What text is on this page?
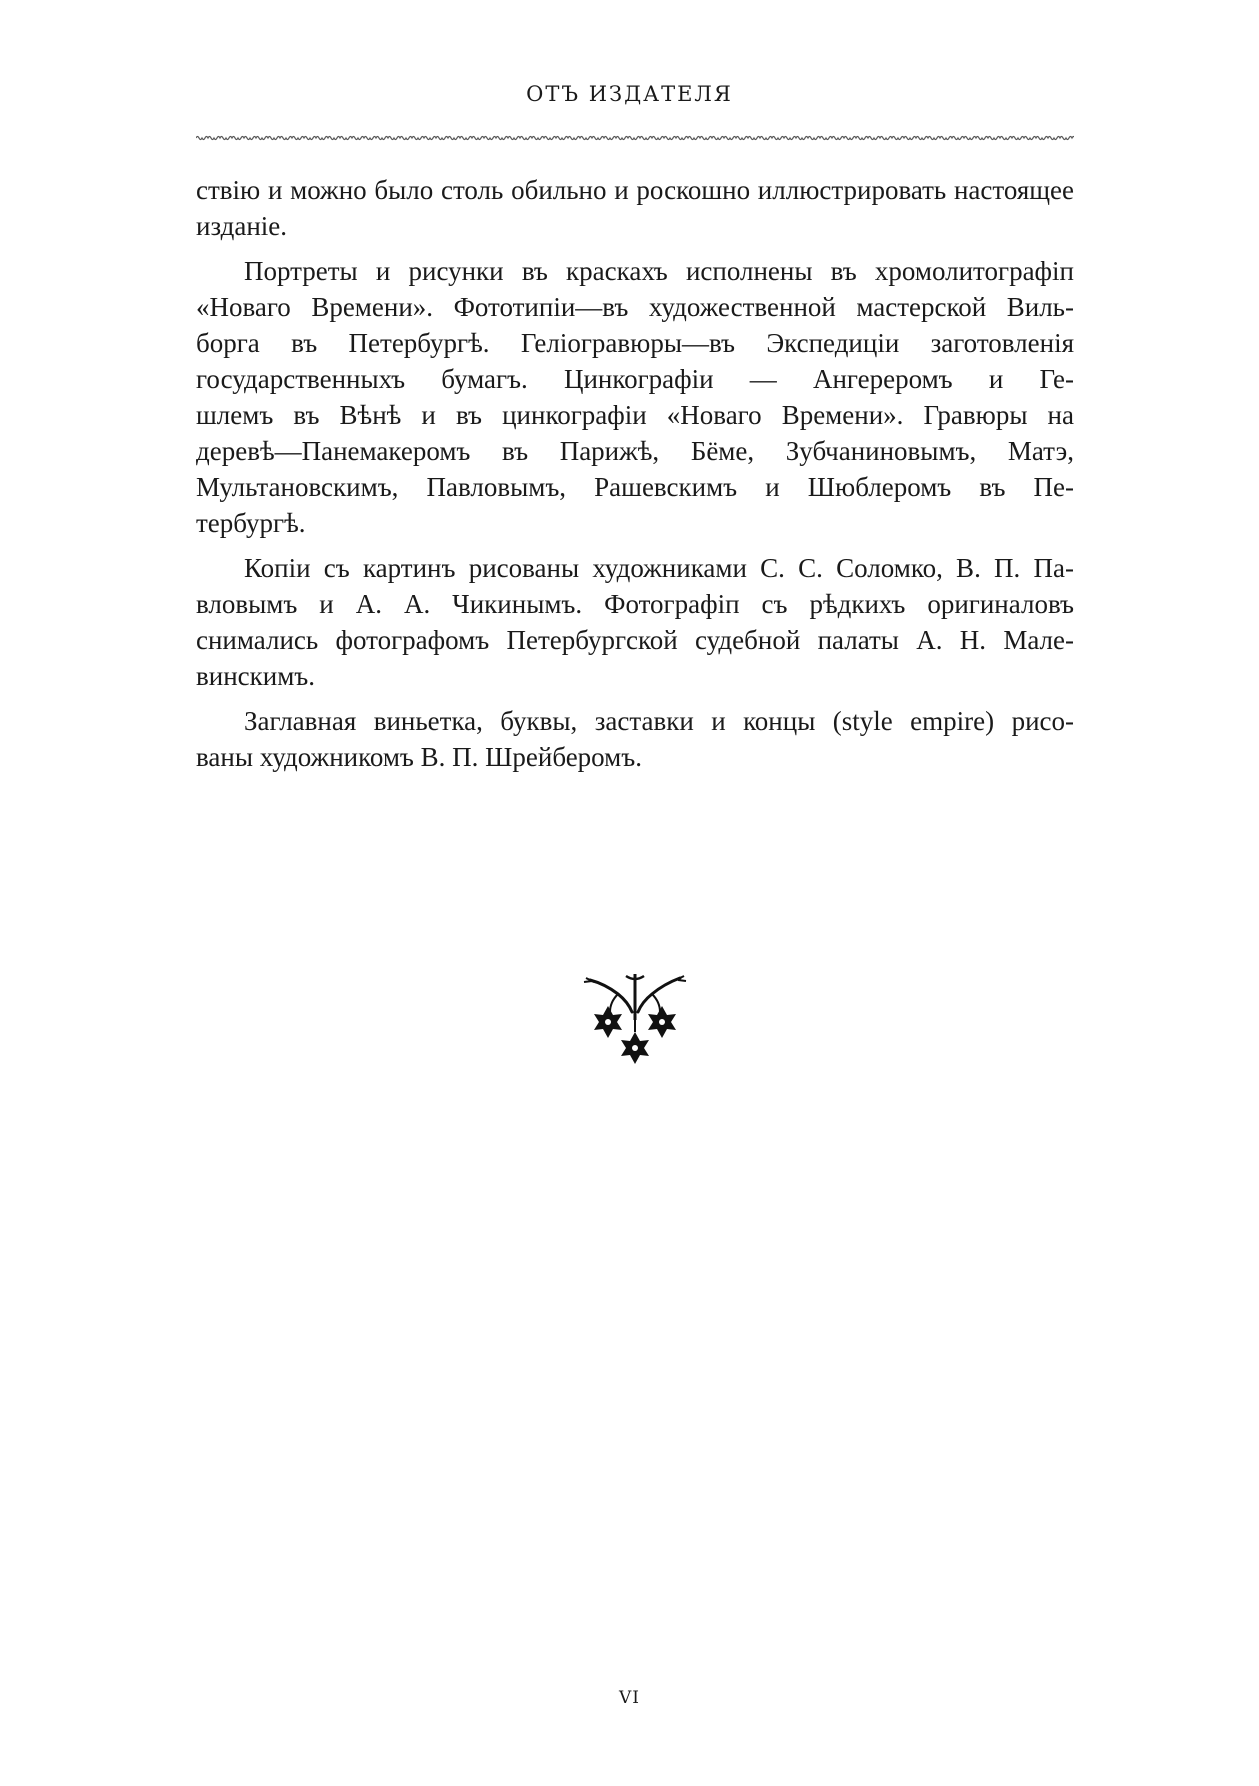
ОТЪ ИЗДАТЕЛЯ
ствію и можно было столь обильно и роскошно иллюстрировать настоящее
изданіе.
Портреты и рисунки въ краскахъ исполнены въ хромолитографіп
«Новаго Времени». Фототипіи—въ художественной мастерской Виль-
борга въ Петербургѣ. Геліогравюры—въ Экспедиціи заготовленія
государственныхъ бумагъ. Цинкографіи — Ангереромъ и Ге-
шлемъ въ Вѣнѣ и въ цинкографіи «Новаго Времени». Гравюры на
деревѣ—Панемакеромъ въ Парижѣ, Бёме, Зубчаниновымъ, Матэ,
Мультановскимъ, Павловымъ, Рашевскимъ и Шюблеромъ въ Пе-
тербургѣ.
Копіи съ картинъ рисованы художниками С. С. Соломко, В. П. Па-
вловымъ и А. А. Чикинымъ. Фотографіп съ рѣдкихъ оригиналовъ
снимались фотографомъ Петербургской судебной палаты А. Н. Мале-
винскимъ.
Заглавная виньетка, буквы, заставки и концы (style empire) рисо-
ваны художникомъ В. П. Шрейберомъ.
VI
